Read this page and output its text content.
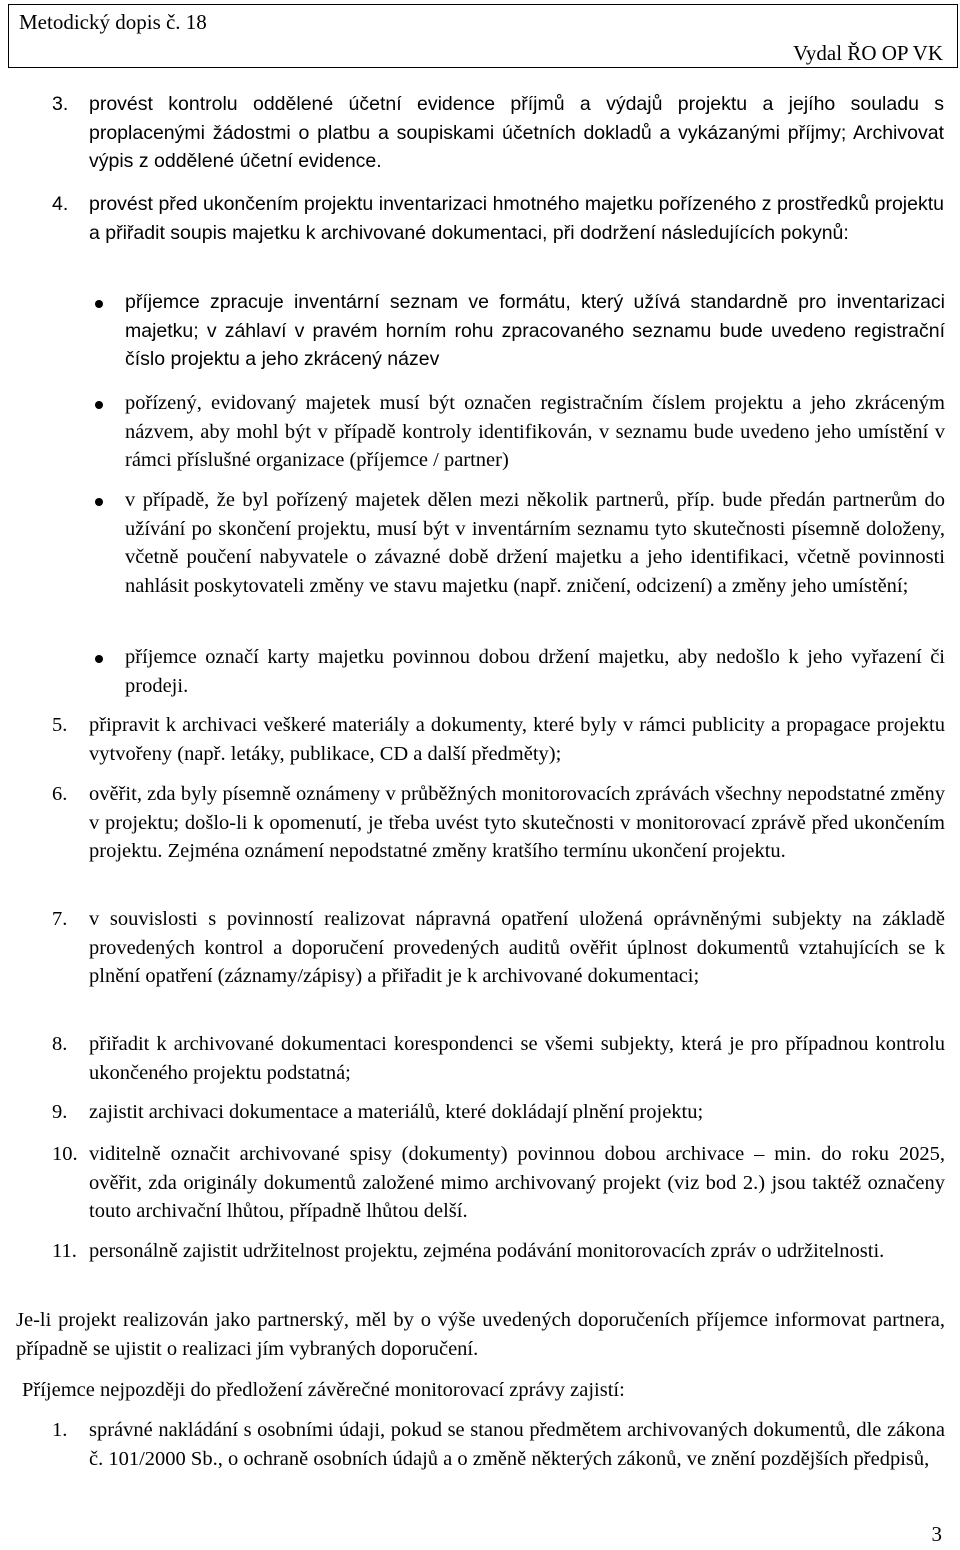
Metodický dopis č. 18
Vydal ŘO OP VK
3. provést kontrolu oddělené účetní evidence příjmů a výdajů projektu a jejího souladu s proplacenými žádostmi o platbu a soupiskami účetních dokladů a vykázanými příjmy; Archivovat výpis z oddělené účetní evidence.
4. provést před ukončením projektu inventarizaci hmotného majetku pořízeného z prostředků projektu a přiřadit soupis majetku k archivované dokumentaci, při dodržení následujících pokynů:
příjemce zpracuje inventární seznam ve formátu, který užívá standardně pro inventarizaci majetku; v záhlaví v pravém horním rohu zpracovaného seznamu bude uvedeno registrační číslo projektu a jeho zkrácený název
pořízený, evidovaný majetek musí být označen registračním číslem projektu a jeho zkráceným názvem, aby mohl být v případě kontroly identifikován, v seznamu bude uvedeno jeho umístění v rámci příslušné organizace (příjemce / partner)
v případě, že byl pořízený majetek dělen mezi několik partnerů, příp. bude předán partnerům do užívání po skončení projektu, musí být v inventárním seznamu tyto skutečnosti písemně doloženy, včetně poučení nabyvatele o závazné době držení majetku a jeho identifikaci, včetně povinnosti nahlásit poskytovateli změny ve stavu majetku (např. zničení, odcizení) a změny jeho umístění;
příjemce označí karty majetku povinnou dobou držení majetku, aby nedošlo k jeho vyřazení či prodeji.
5. připravit k archivaci veškeré materiály a dokumenty, které byly v rámci publicity a propagace projektu vytvořeny (např. letáky, publikace, CD a další předměty);
6. ověřit, zda byly písemně oznámeny v průběžných monitorovacích zprávách všechny nepodstatné změny v projektu; došlo-li k opomenutí, je třeba uvést tyto skutečnosti v monitorovací zprávě před ukončením projektu. Zejména oznámení nepodstatné změny kratšího termínu ukončení projektu.
7. v souvislosti s povinností realizovat nápravná opatření uložená oprávněnými subjekty na základě provedených kontrol a doporučení provedených auditů ověřit úplnost dokumentů vztahujících se k plnění opatření (záznamy/zápisy) a přiřadit je k archivované dokumentaci;
8. přiřadit k archivované dokumentaci korespondenci se všemi subjekty, která je pro případnou kontrolu ukončeného projektu podstatná;
9. zajistit archivaci dokumentace a materiálů, které dokládají plnění projektu;
10. viditelně označit archivované spisy (dokumenty) povinnou dobou archivace – min. do roku 2025, ověřit, zda originály dokumentů založené mimo archivovaný projekt (viz bod 2.) jsou taktéž označeny touto archivační lhůtou, případně lhůtou delší.
11. personálně zajistit udržitelnost projektu, zejména podávání monitorovacích zpráv o udržitelnosti.
Je-li projekt realizován jako partnerský, měl by o výše uvedených doporučeních příjemce informovat partnera, případně se ujistit o realizaci jím vybraných doporučení.
Příjemce nejpozději do předložení závěrečné monitorovací zprávy zajistí:
1. správné nakládání s osobními údaji, pokud se stanou předmětem archivovaných dokumentů, dle zákona č. 101/2000 Sb., o ochraně osobních údajů a o změně některých zákonů, ve znění pozdějších předpisů,
3
